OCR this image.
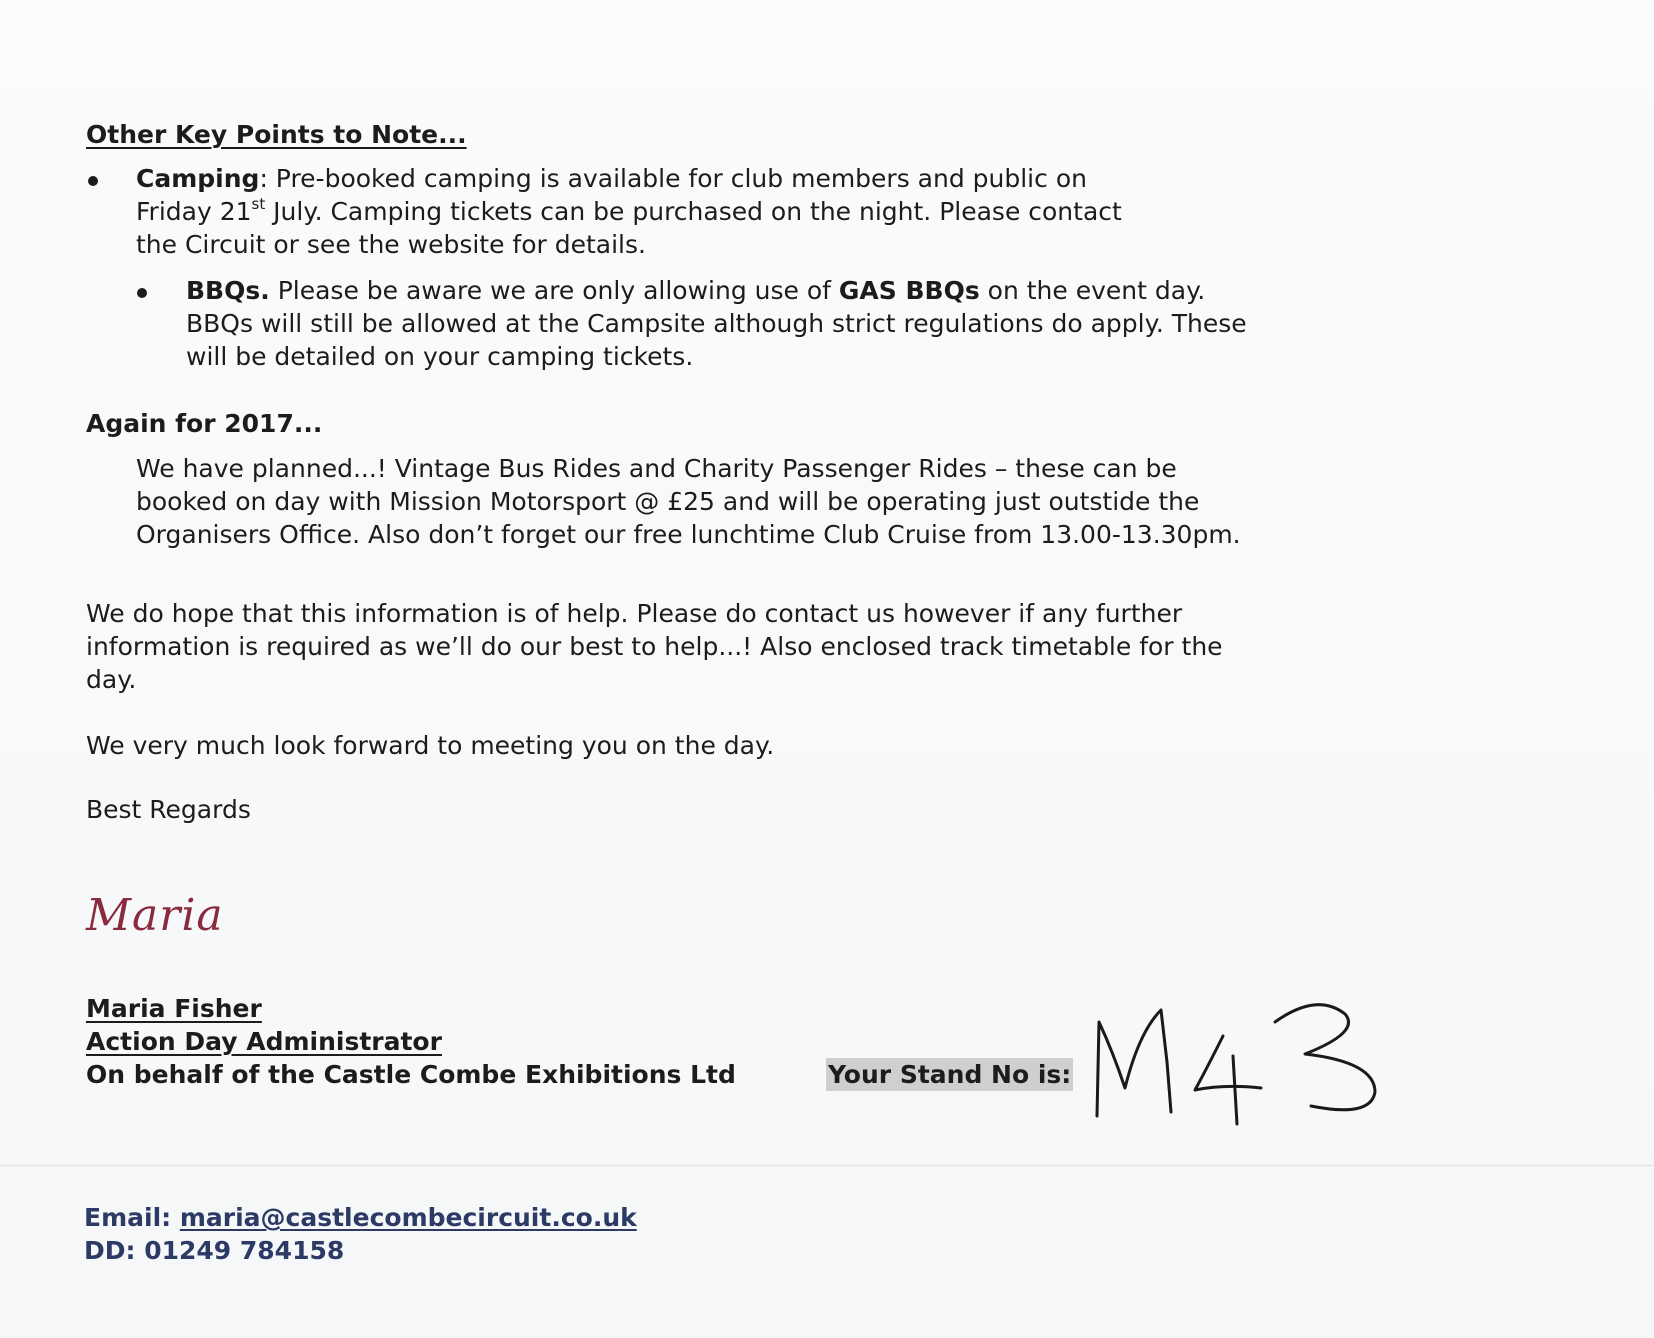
Other Key Points to Note...
Camping: Pre-booked camping is available for club members and public on
Friday 21st July. Camping tickets can be purchased on the night. Please contact
the Circuit or see the website for details.
BBQs. Please be aware we are only allowing use of GAS BBQs on the event day.
BBQs will still be allowed at the Campsite although strict regulations do apply. These
will be detailed on your camping tickets.
Again for 2017...
We have planned...! Vintage Bus Rides and Charity Passenger Rides – these can be
booked on day with Mission Motorsport @ £25 and will be operating just outstide the
Organisers Office. Also don’t forget our free lunchtime Club Cruise from 13.00-13.30pm.
We do hope that this information is of help. Please do contact us however if any further
information is required as we’ll do our best to help...! Also enclosed track timetable for the
day.
We very much look forward to meeting you on the day.
Best Regards
Maria
Maria Fisher
Action Day Administrator
On behalf of the Castle Combe Exhibitions Ltd	Your Stand No is:
Email: maria@castlecombecircuit.co.uk
DD: 01249 784158
